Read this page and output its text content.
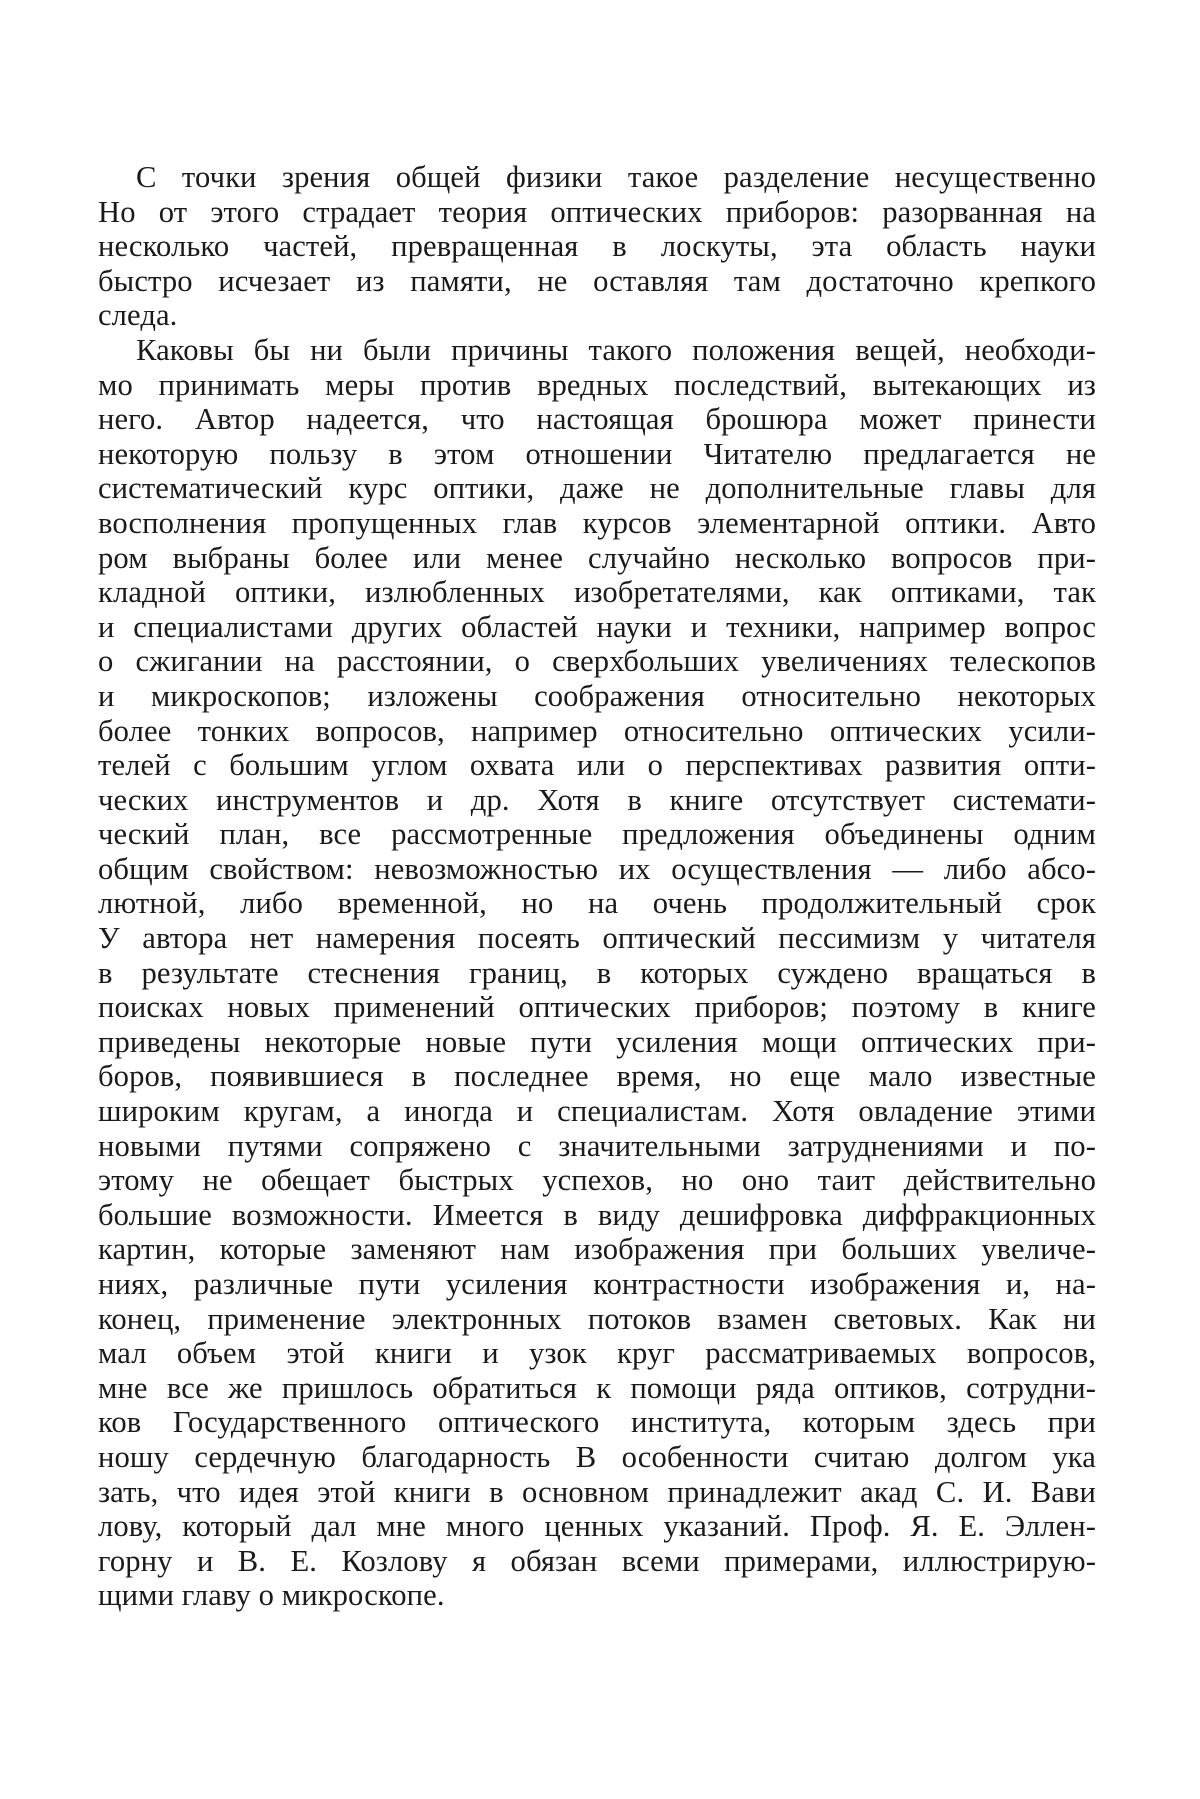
С точки зрения общей физики такое разделение несущественно
Но от этого страдает теория оптических приборов: разорванная на
несколько частей, превращенная в лоскуты, эта область науки
быстро исчезает из памяти, не оставляя там достаточно крепкого
следа.
Каковы бы ни были причины такого положения вещей, необходи-
мо принимать меры против вредных последствий, вытекающих из
него. Автор надеется, что настоящая брошюра может принести
некоторую пользу в этом отношении Читателю предлагается не
систематический курс оптики, даже не дополнительные главы для
восполнения пропущенных глав курсов элементарной оптики. Авто
ром выбраны более или менее случайно несколько вопросов при-
кладной оптики, излюбленных изобретателями, как оптиками, так
и специалистами других областей науки и техники, например вопрос
о сжигании на расстоянии, о сверхбольших увеличениях телескопов
и микроскопов; изложены соображения относительно некоторых
более тонких вопросов, например относительно оптических усили-
телей с большим углом охвата или о перспективах развития опти-
ческих инструментов и др. Хотя в книге отсутствует системати-
ческий план, все рассмотренные предложения объединены одним
общим свойством: невозможностью их осуществления — либо абсо-
лютной, либо временной, но на очень продолжительный срок
У автора нет намерения посеять оптический пессимизм у читателя
в результате стеснения границ, в которых суждено вращаться в
поисках новых применений оптических приборов; поэтому в книге
приведены некоторые новые пути усиления мощи оптических при-
боров, появившиеся в последнее время, но еще мало известные
широким кругам, а иногда и специалистам. Хотя овладение этими
новыми путями сопряжено с значительными затруднениями и по-
этому не обещает быстрых успехов, но оно таит действительно
большие возможности. Имеется в виду дешифровка диффракционных
картин, которые заменяют нам изображения при больших увеличе-
ниях, различные пути усиления контрастности изображения и, на-
конец, применение электронных потоков взамен световых. Как ни
мал объем этой книги и узок круг рассматриваемых вопросов,
мне все же пришлось обратиться к помощи ряда оптиков, сотрудни-
ков Государственного оптического института, которым здесь при
ношу сердечную благодарность В особенности считаю долгом ука
зать, что идея этой книги в основном принадлежит акад С. И. Вави
лову, который дал мне много ценных указаний. Проф. Я. Е. Эллен-
горну и В. Е. Козлову я обязан всеми примерами, иллюстрирую-
щими главу о микроскопе.
